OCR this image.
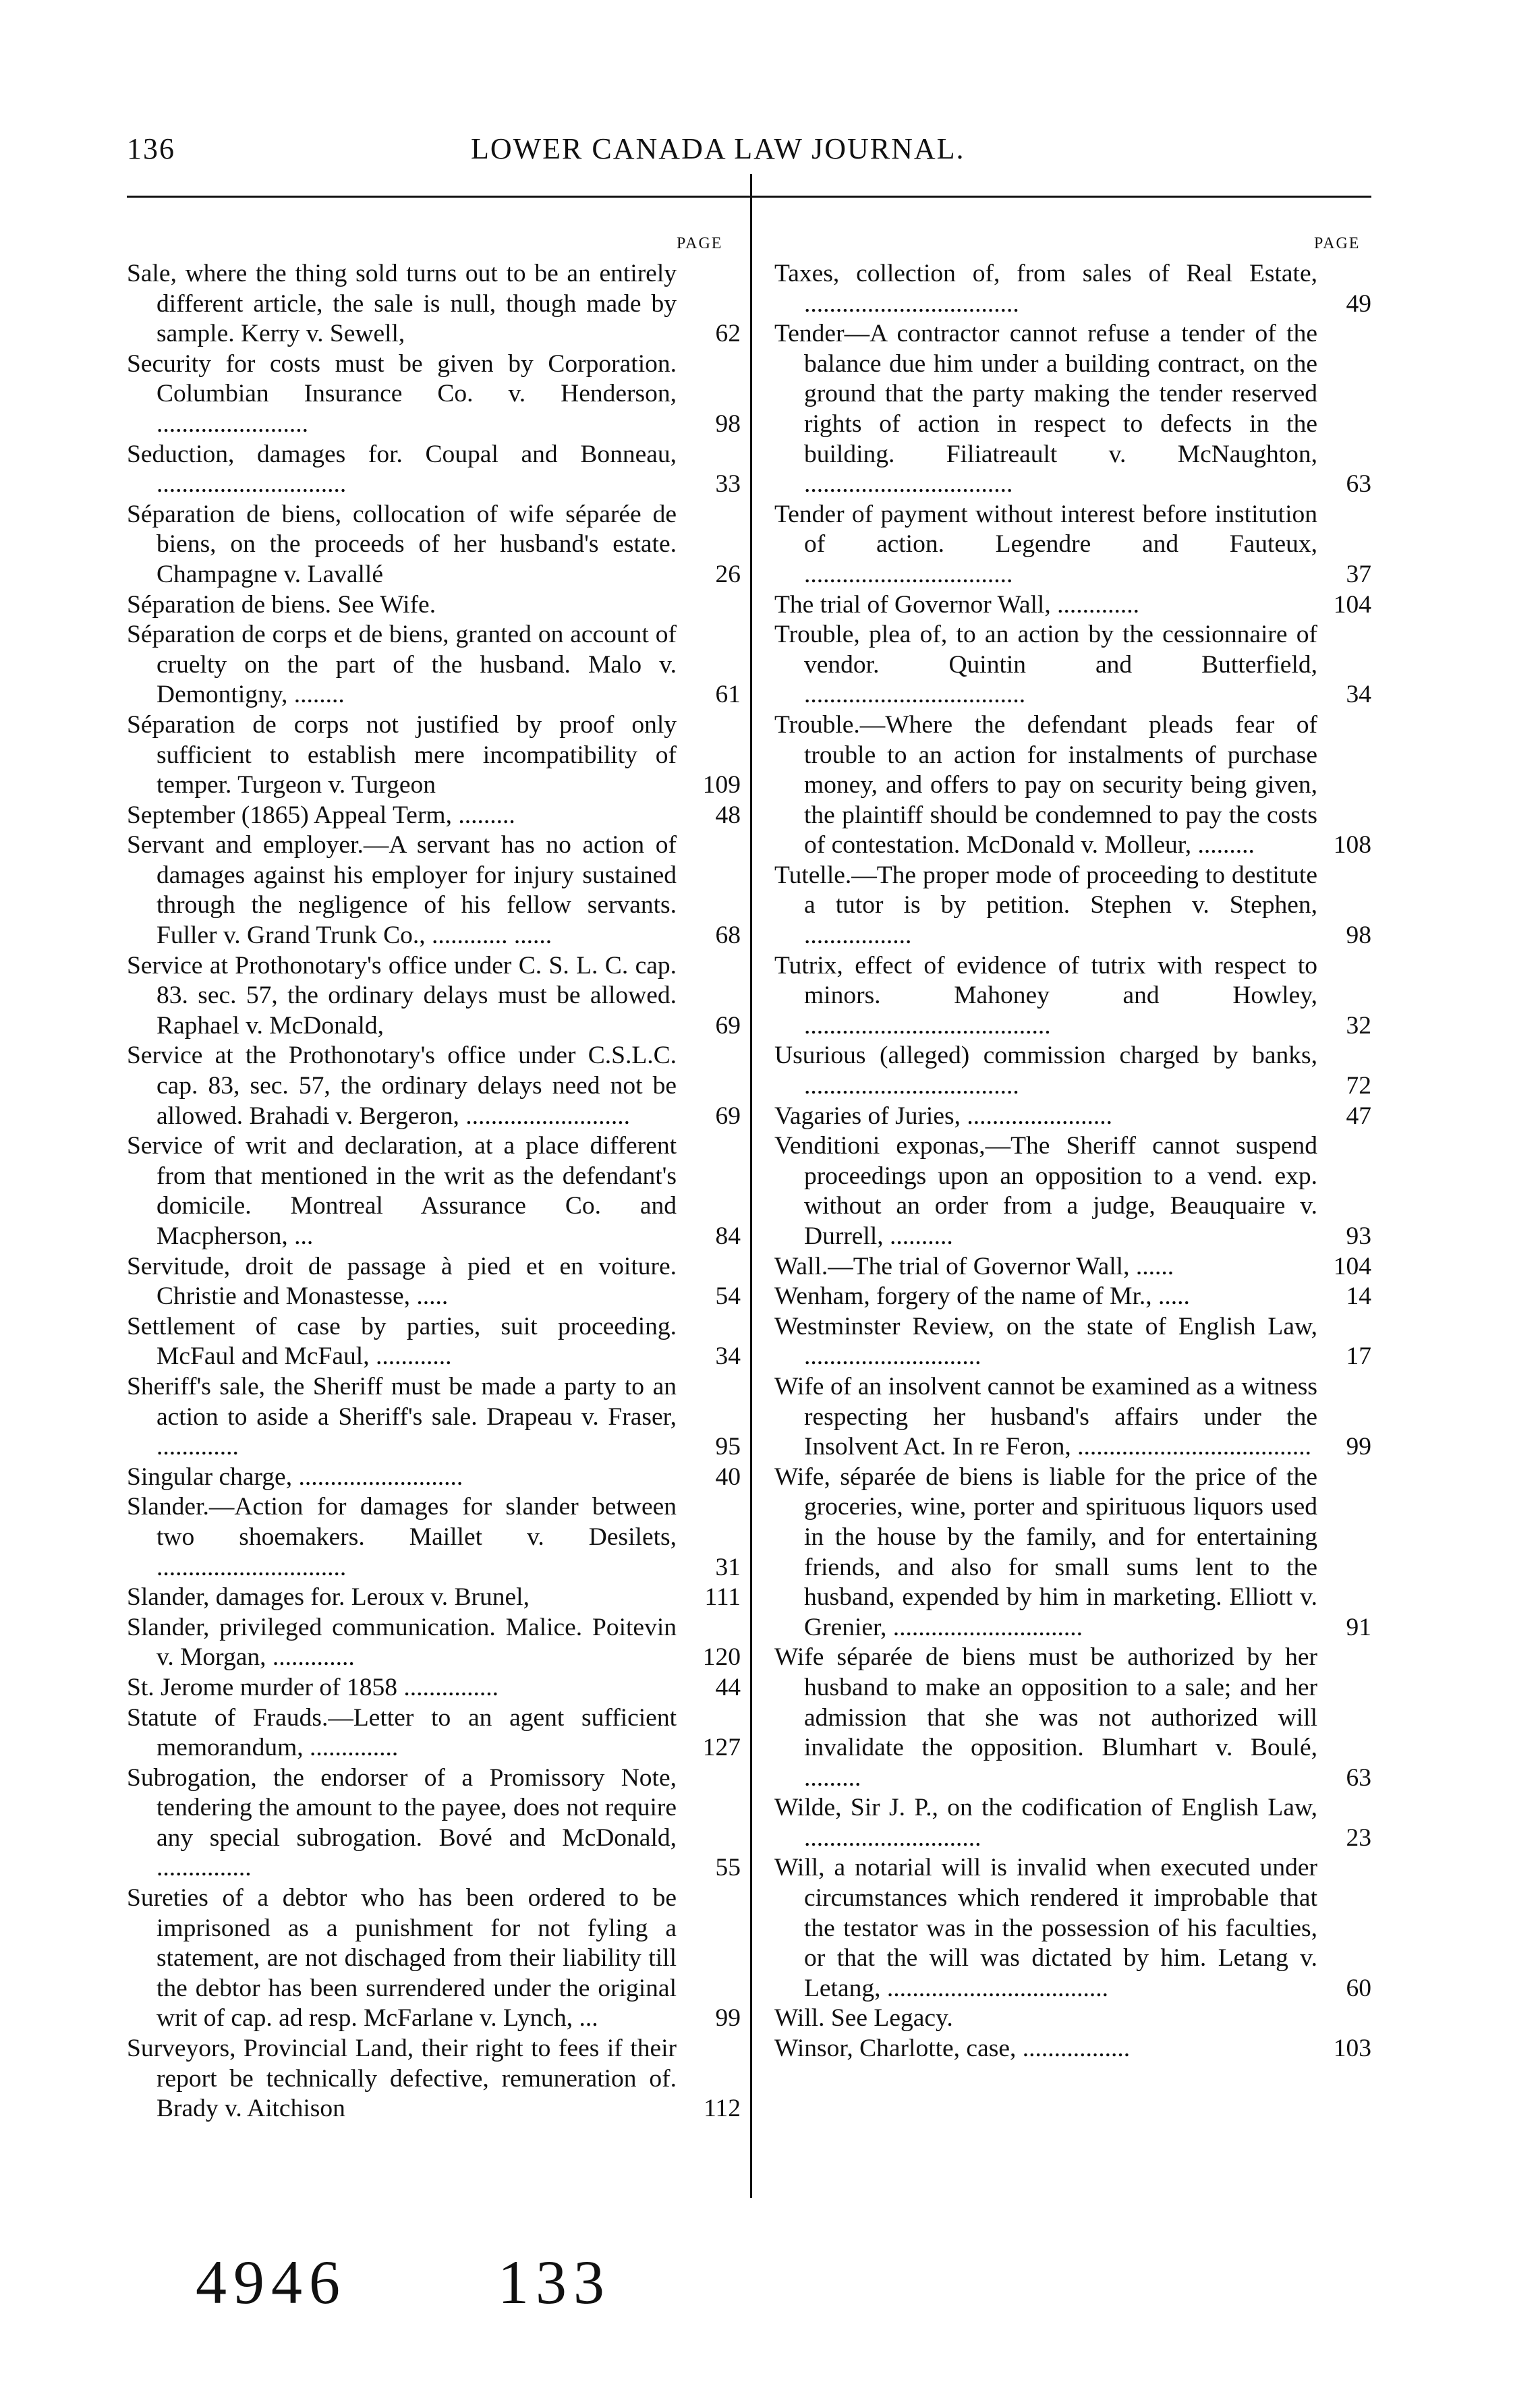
136	LOWER CANADA LAW JOURNAL.
PAGE
Sale, where the thing sold turns out to be an entirely different article, the sale is null, though made by sample. Kerry v. Sewell,	62
Security for costs must be given by Corporation. Columbian Insurance Co. v. Henderson, ........................	98
Seduction, damages for. Coupal and Bonneau, ..............................	33
Séparation de biens, collocation of wife séparée de biens, on the proceeds of her husband's estate. Champagne v. Lavallé	26
Séparation de biens. See Wife.
Séparation de corps et de biens, granted on account of cruelty on the part of the husband. Malo v. Demontigny, ........	61
Séparation de corps not justified by proof only sufficient to establish mere incompatibility of temper. Turgeon v. Turgeon	109
September (1865) Appeal Term, .........	48
Servant and employer.—A servant has no action of damages against his employer for injury sustained through the negligence of his fellow servants. Fuller v. Grand Trunk Co., ............ ......	68
Service at Prothonotary's office under C. S. L. C. cap. 83. sec. 57, the ordinary delays must be allowed. Raphael v. McDonald,	69
Service at the Prothonotary's office under C.S.L.C. cap. 83, sec. 57, the ordinary delays need not be allowed. Brahadi v. Bergeron, ..........................	69
Service of writ and declaration, at a place different from that mentioned in the writ as the defendant's domicile. Montreal Assurance Co. and Macpherson, ...	84
Servitude, droit de passage à pied et en voiture. Christie and Monastesse, .....	54
Settlement of case by parties, suit proceeding. McFaul and McFaul, ............	34
Sheriff's sale, the Sheriff must be made a party to an action to aside a Sheriff's sale. Drapeau v. Fraser, .............	95
Singular charge, ..........................	40
Slander.—Action for damages for slander between two shoemakers. Maillet v. Desilets, ..............................	31
Slander, damages for. Leroux v. Brunel,	111
Slander, privileged communication. Malice. Poitevin v. Morgan, .............	120
St. Jerome murder of 1858 ...............	44
Statute of Frauds.—Letter to an agent sufficient memorandum, ..............	127
Subrogation, the endorser of a Promissory Note, tendering the amount to the payee, does not require any special subrogation. Bové and McDonald, ...............	55
Sureties of a debtor who has been ordered to be imprisoned as a punishment for not fyling a statement, are not dischaged from their liability till the debtor has been surrendered under the original writ of cap. ad resp. McFarlane v. Lynch, ...	99
Surveyors, Provincial Land, their right to fees if their report be technically defective, remuneration of. Brady v. Aitchison	112
PAGE
Taxes, collection of, from sales of Real Estate, ..................................	49
Tender—A contractor cannot refuse a tender of the balance due him under a building contract, on the ground that the party making the tender reserved rights of action in respect to defects in the building. Filiatreault v. McNaughton, .................................	63
Tender of payment without interest before institution of action. Legendre and Fauteux, .................................	37
The trial of Governor Wall, .............	104
Trouble, plea of, to an action by the cessionnaire of vendor. Quintin and Butterfield, ...................................	34
Trouble.—Where the defendant pleads fear of trouble to an action for instalments of purchase money, and offers to pay on security being given, the plaintiff should be condemned to pay the costs of contestation. McDonald v. Molleur, .........	108
Tutelle.—The proper mode of proceeding to destitute a tutor is by petition. Stephen v. Stephen, .................	98
Tutrix, effect of evidence of tutrix with respect to minors. Mahoney and Howley, .......................................	32
Usurious (alleged) commission charged by banks, ..................................	72
Vagaries of Juries, .......................	47
Venditioni exponas,—The Sheriff cannot suspend proceedings upon an opposition to a vend. exp. without an order from a judge, Beauquaire v. Durrell, ..........	93
Wall.—The trial of Governor Wall, ......	104
Wenham, forgery of the name of Mr., .....	14
Westminster Review, on the state of English Law, ............................	17
Wife of an insolvent cannot be examined as a witness respecting her husband's affairs under the Insolvent Act. In re Feron, .....................................	99
Wife, séparée de biens is liable for the price of the groceries, wine, porter and spirituous liquors used in the house by the family, and for entertaining friends, and also for small sums lent to the husband, expended by him in marketing. Elliott v. Grenier, ..............................	91
Wife séparée de biens must be authorized by her husband to make an opposition to a sale; and her admission that she was not authorized will invalidate the opposition. Blumhart v. Boulé, .........	63
Wilde, Sir J. P., on the codification of English Law, ............................	23
Will, a notarial will is invalid when executed under circumstances which rendered it improbable that the testator was in the possession of his faculties, or that the will was dictated by him. Letang v. Letang, ...................................	60
Will. See Legacy.
Winsor, Charlotte, case, .................	103
4946 133
